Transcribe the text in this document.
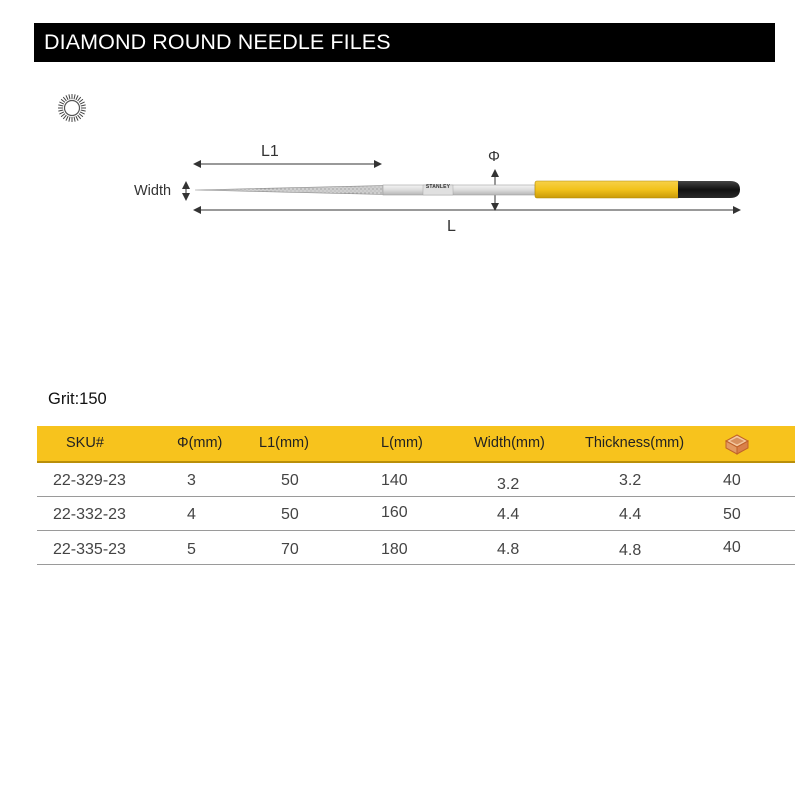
DIAMOND ROUND NEEDLE FILES
STANLEY
L1	Φ
Width
L
Grit:150
SKU#	Φ(mm)	L1(mm)	L(mm)	Width(mm)	Thickness(mm)
22-329-23	3	50	140	3.2	3.2	40
22-332-23	4	50	160	4.4	4.4	50
22-335-23	5	70	180	4.8	4.8	40
